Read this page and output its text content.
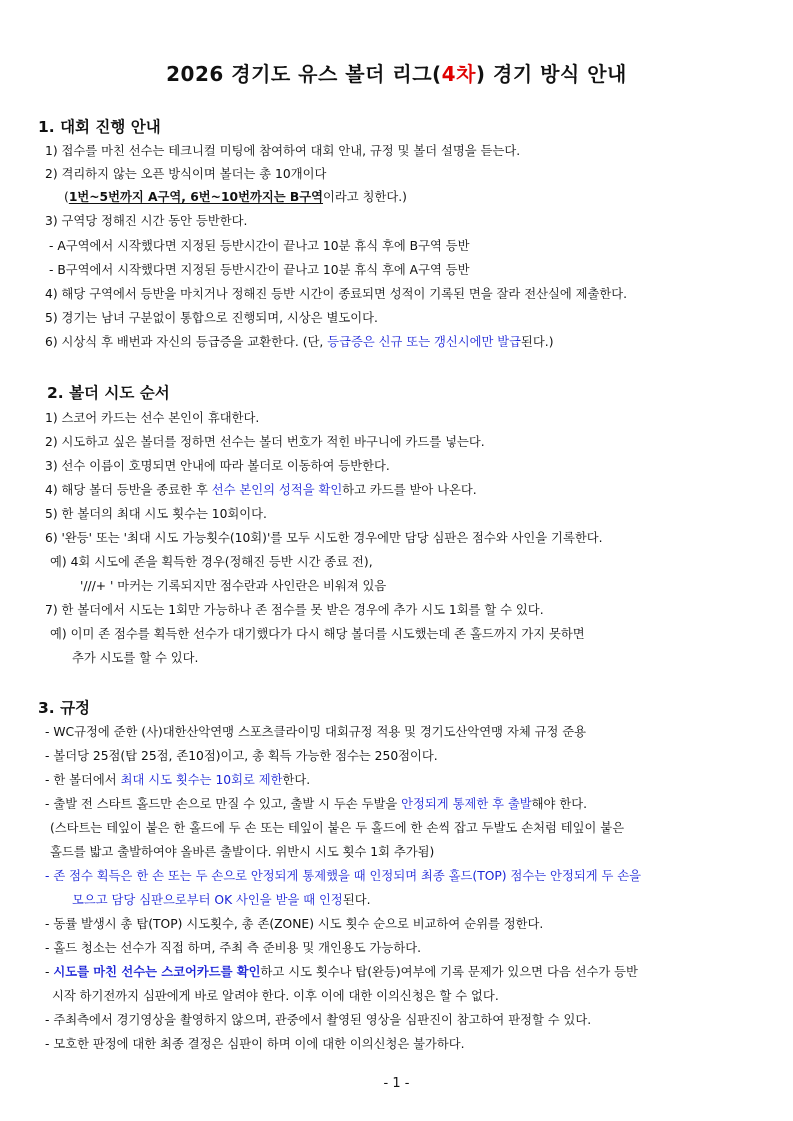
2026 경기도 유스 볼더 리그(4차) 경기 방식 안내
1. 대회 진행 안내
1) 접수를 마친 선수는 테크니컬 미팅에 참여하여 대회 안내, 규정 및 볼더 설명을 듣는다.
2) 격리하지 않는 오픈 방식이며 볼더는 총 10개이다
(1번~5번까지 A구역, 6번~10번까지는 B구역이라고 칭한다.)
3) 구역당 정해진 시간 동안 등반한다.
- A구역에서 시작했다면 지정된 등반시간이 끝나고 10분 휴식 후에 B구역 등반
- B구역에서 시작했다면 지정된 등반시간이 끝나고 10분 휴식 후에 A구역 등반
4) 해당 구역에서 등반을 마치거나 정해진 등반 시간이 종료되면 성적이 기록된 면을 잘라 전산실에 제출한다.
5) 경기는 남녀 구분없이 통합으로 진행되며, 시상은 별도이다.
6) 시상식 후 배번과 자신의 등급증을 교환한다. (단, 등급증은 신규 또는 갱신시에만 발급된다.)
2. 볼더 시도 순서
1) 스코어 카드는 선수 본인이 휴대한다.
2) 시도하고 싶은 볼더를 정하면 선수는 볼더 번호가 적힌 바구니에 카드를 넣는다.
3) 선수 이름이 호명되면 안내에 따라 볼더로 이동하여 등반한다.
4) 해당 볼더 등반을 종료한 후 선수 본인의 성적을 확인하고 카드를 받아 나온다.
5) 한 볼더의 최대 시도 횟수는 10회이다.
6) '완등' 또는 '최대 시도 가능횟수(10회)'를 모두 시도한 경우에만 담당 심판은 점수와 사인을 기록한다.
예) 4회 시도에 존을 획득한 경우(정해진 등반 시간 종료 전),
'///+ ' 마커는 기록되지만 점수란과 사인란은 비워져 있음
7) 한 볼더에서 시도는 1회만 가능하나 존 점수를 못 받은 경우에 추가 시도 1회를 할 수 있다.
예) 이미 존 점수를 획득한 선수가 대기했다가 다시 해당 볼더를 시도했는데 존 홀드까지 가지 못하면
추가 시도를 할 수 있다.
3. 규정
- WC규정에 준한 (사)대한산악연맹 스포츠클라이밍 대회규정 적용 및 경기도산악연맹 자체 규정 준용
- 볼더당 25점(탑 25점, 존10점)이고, 총 획득 가능한 점수는 250점이다.
- 한 볼더에서 최대 시도 횟수는 10회로 제한한다.
- 출발 전 스타트 홀드만 손으로 만질 수 있고, 출발 시 두손 두발을 안정되게 통제한 후 출발해야 한다.
(스타트는 테잎이 붙은 한 홀드에 두 손 또는 테잎이 붙은 두 홀드에 한 손씩 잡고 두발도 손처럼 테잎이 붙은
홀드를 밟고 출발하여야 올바른 출발이다. 위반시 시도 횟수 1회 추가됨)
- 존 점수 획득은 한 손 또는 두 손으로 안정되게 통제했을 때 인정되며 최종 홀드(TOP) 점수는 안정되게 두 손을
모으고 담당 심판으로부터 OK 사인을 받을 때 인정된다.
- 동률 발생시 총 탑(TOP) 시도횟수, 총 존(ZONE) 시도 횟수 순으로 비교하여 순위를 정한다.
- 홀드 청소는 선수가 직접 하며, 주최 측 준비용 및 개인용도 가능하다.
- 시도를 마친 선수는 스코어카드를 확인하고 시도 횟수나 탑(완등)여부에 기록 문제가 있으면 다음 선수가 등반
시작 하기전까지 심판에게 바로 알려야 한다. 이후 이에 대한 이의신청은 할 수 없다.
- 주최측에서 경기영상을 촬영하지 않으며, 관중에서 촬영된 영상을 심판진이 참고하여 판정할 수 있다.
- 모호한 판정에 대한 최종 결정은 심판이 하며 이에 대한 이의신청은 불가하다.
- 1 -
